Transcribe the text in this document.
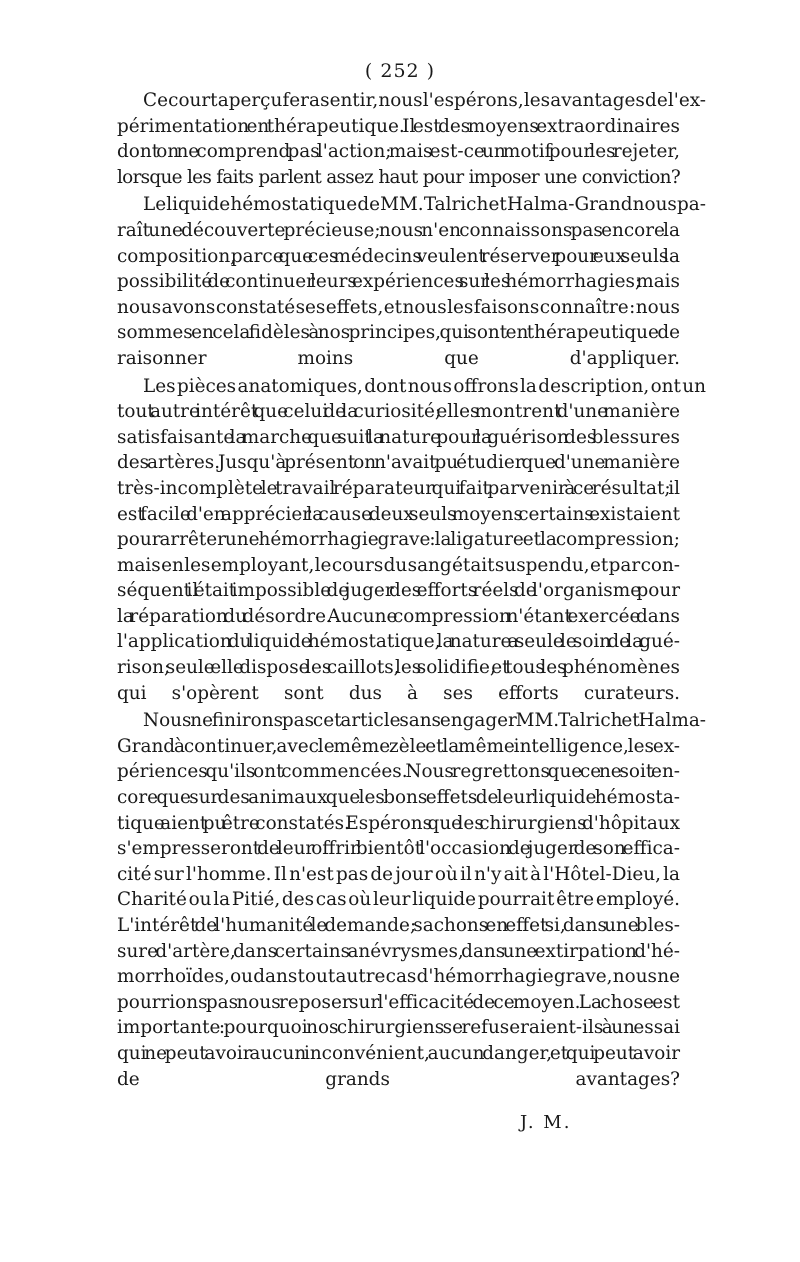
( 252 )
Ce court aperçu fera sentir, nous l'espérons, les avantages de l'ex-
périmentation en thérapeutique. Il est des moyens extraordinaires
dont on ne comprend pas l'action; mais est-ce un motif pour les rejeter,
lorsque les faits parlent assez haut pour imposer une conviction?
Le liquide hémostatique de MM. Talrich et Halma-Grand nous pa-
raît une découverte précieuse; nous n'en connaissons pas encore la
composition, parce que ces médecins veulent réserver pour eux seuls la
possibilité de continuer leurs expériences sur les hémorrhagies; mais
nous avons constaté ses effets, et nous les faisons connaître : nous
sommes en cela fidèles à nos principes, qui sont en thérapeutique de
raisonner moins que d'appliquer.
Les pièces anatomiques, dont nous offrons la description, ont un
tout autre intérêt que celui de la curiosité; elles montrent d'une manière
satisfaisante la marche que suit la nature pour la guérison des blessures
des artères. Jusqu'à présent on n'avait pu étudier que d'une manière
très-incomplète le travail réparateur qui fait parvenir à ce résultat; il
est facile d'en apprécier la cause : deux seuls moyens certains existaient
pour arrêter une hémorrhagie grave : la ligature et la compression;
mais en les employant, le cours du sang était suspendu, et par con-
séquent il était impossible de juger des efforts réels de l'organisme pour
la réparation du désordre. Aucune compression n'étant exercée dans
l'application du liquide hémostatique, la nature a seule le soin de la gué-
rison; seule elle dispose les caillots, les solidifie, et tous les phénomènes
qui s'opèrent sont dus à ses efforts curateurs.
Nous ne finirons pas cet article sans engager MM. Talrich et Halma-
Grand à continuer, avec le même zèle et la même intelligence, les ex-
périences qu'ils ont commencées. Nous regrettons que ce ne soit en-
core que sur des animaux que les bons effets de leur liquide hémosta-
tique aient pu être constatés. Espérons que les chirurgiens d'hôpitaux
s'empresseront de leur offrir bientôt l'occasion de juger de son effica-
cité sur l'homme. Il n'est pas de jour où il n'y ait à l'Hôtel-Dieu, la
Charité ou la Pitié, des cas où leur liquide pourrait être employé.
L'intérêt de l'humanité le demande; sachons en effet si, dans une bles-
sure d'artère, dans certains anévrysmes, dans une extirpation d'hé-
morrhoïdes, ou dans tout autre cas d'hémorrhagie grave, nous ne
pourrions pas nous reposer sur l'efficacité de ce moyen. La chose est
importante : pourquoi nos chirurgiens se refuseraient-ils à un essai
qui ne peut avoir aucun inconvénient, aucun danger, et qui peut avoir
de grands avantages?
J. M.
